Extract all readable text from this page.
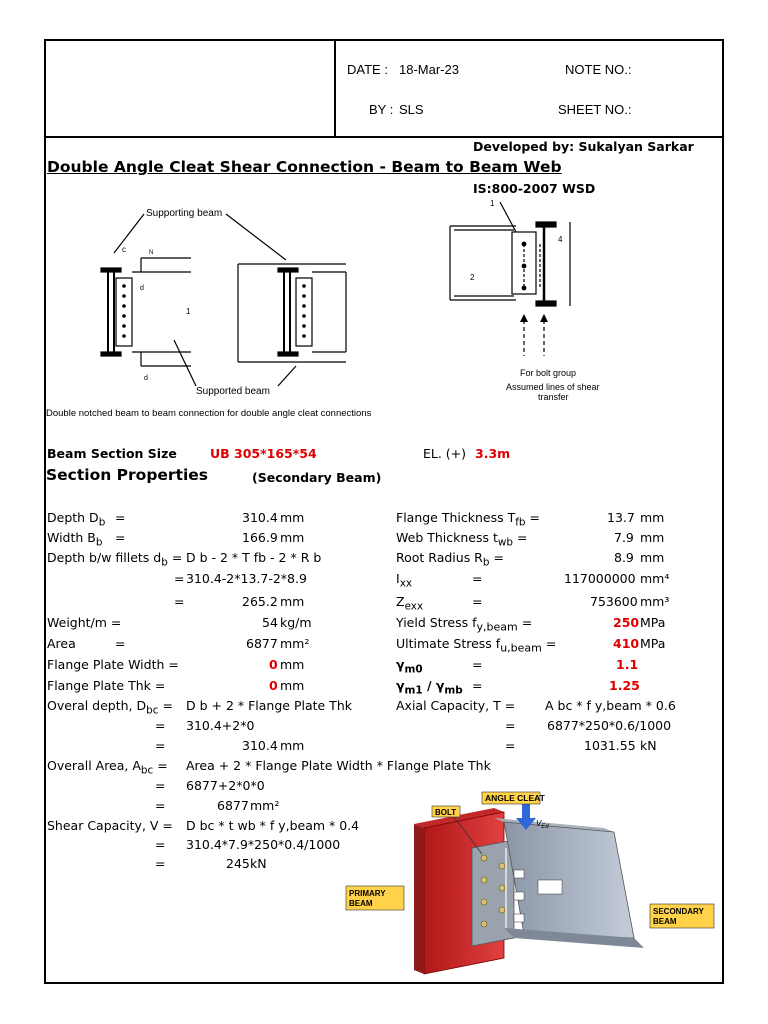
DATE : 18-Mar-23	NOTE NO.:
BY : SLS	SHEET NO.:
Developed by: Sukalyan Sarkar
Double Angle Cleat Shear Connection - Beam to Beam Web
IS:800-2007 WSD
Supporting beam
Supported beam
c	N
d
d
1
Double notched beam to beam connection for double angle cleat connections
1
2
4
For bolt group
Assumed lines of shear
transfer
Beam Section Size	UB 305*165*54	EL. (+) 3.3m
Section Properties	(Secondary Beam)
Depth $D_b$ =	310.4 mm
Width $B_b$ =	166.9 mm
Depth b/w fillets $d_b = D$ b - 2 * T fb - 2 * R b
= 310.4-2*13.7-2*8.9
=	265.2 mm
Weight/m =	54 kg/m
Area	=	6877 mm²
Flange Plate Width =	0 mm
Flange Plate Thk =	0 mm
Overal depth, $D_{bc} = D$ b + 2 * Flange Plate Thk
= 310.4+2*0
=	310.4 mm
Overall Area, $A_{bc}$ = Area + 2 * Flange Plate Width * Flange Plate Thk
= 6877+2*0*0
=	6877 mm²
Shear Capacity, V = D bc * t wb * f y,beam * 0.4
= 310.4*7.9*250*0.4/1000
=	245 kN
Flange Thickness $T_{fb}$ =	13.7 mm
Web Thickness $t_{wb}$ =	7.9 mm
Root Radius $R_b$ =	8.9 mm
$I_{xx}$	=	117000000 mm⁴
$Z_{exx}$	=	753600 mm³
Yield Stress $f_{y,beam}$ =	250 MPa
Ultimate Stress $f_{u,beam}$ =	410 MPa
$\gamma_{m0}$	=	1.1
$\gamma_{m1} / \gamma_{mb}$ =	1.25
Axial Capacity, T = A bc * f y,beam * 0.6
=	6877*250*0.6/1000
=	1031.55 kN
ANGLE CLEAT
BOLT
$V_{Ed}$
PRIMARY
BEAM
SECONDARY
BEAM
